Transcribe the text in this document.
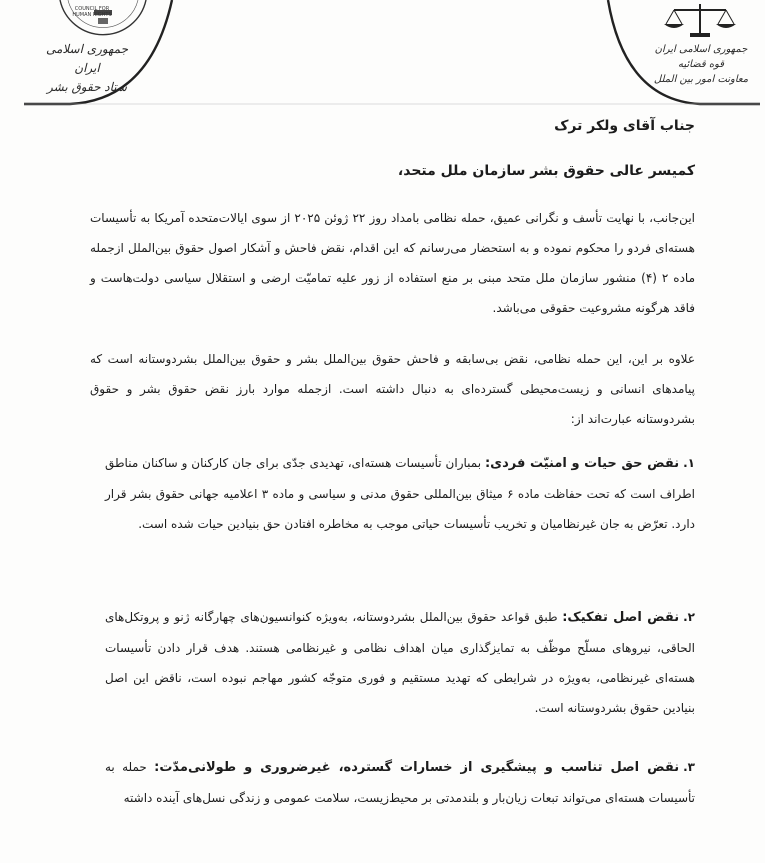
COUNCIL FOR HUMAN RIGHTS
جمهوری اسلامی ایران
ستاد حقوق بشر
جمهوری اسلامی ایران
قوه قضائیه
معاونت امور بین الملل

جناب آقای ولکر ترک

کمیسر عالی حقوق بشر سازمان ملل متحد،

این‌جانب، با نهایت تأسف و نگرانی عمیق، حمله نظامی بامداد روز ۲۲ ژوئن ۲۰۲۵ از سوی ایالات‌متحده آمریکا به تأسیسات هسته‌ای فردو را محکوم نموده و به استحضار می‌رسانم که این اقدام، نقض فاحش و آشکار اصول حقوق بین‌الملل ازجمله ماده ۲ (۴) منشور سازمان ملل متحد مبنی بر منع استفاده از زور علیه تمامیّت ارضی و استقلال سیاسی دولت‌هاست و فاقد هرگونه مشروعیت حقوقی می‌باشد.

علاوه بر این، این حمله نظامی، نقض بی‌سابقه و فاحش حقوق بین‌الملل بشر و حقوق بین‌الملل بشردوستانه است که پیامدهای انسانی و زیست‌محیطی گسترده‌ای به دنبال داشته است. ازجمله موارد بارز نقض حقوق بشر و حقوق بشردوستانه عبارت‌اند از:

۱.نقض حق حیات و امنیّت فردی: بمباران تأسیسات هسته‌ای، تهدیدی جدّی برای جان کارکنان و ساکنان مناطق اطراف است که تحت حفاظت ماده ۶ میثاق بین‌المللی حقوق مدنی و سیاسی و ماده ۳ اعلامیه جهانی حقوق بشر قرار دارد. تعرّض به جان غیرنظامیان و تخریب تأسیسات حیاتی موجب به مخاطره افتادن حق بنیادین حیات شده است.

۲.نقض اصل تفکیک: طبق قواعد حقوق بین‌الملل بشردوستانه، به‌ویژه کنوانسیون‌های چهارگانه ژنو و پروتکل‌های الحاقی، نیروهای مسلّح موظّف به تمایزگذاری میان اهداف نظامی و غیرنظامی هستند. هدف قرار دادن تأسیسات هسته‌ای غیرنظامی، به‌ویژه در شرایطی که تهدید مستقیم و فوری متوجّه کشور مهاجم نبوده است، ناقض این اصل بنیادین حقوق بشردوستانه است.

۳.نقض اصل تناسب و پیشگیری از خسارات گسترده، غیرضروری و طولانی‌مدّت: حمله به تأسیسات هسته‌ای می‌تواند تبعات زیان‌بار و بلندمدتی بر محیط‌زیست، سلامت عمومی و زندگی نسل‌های آینده داشته
